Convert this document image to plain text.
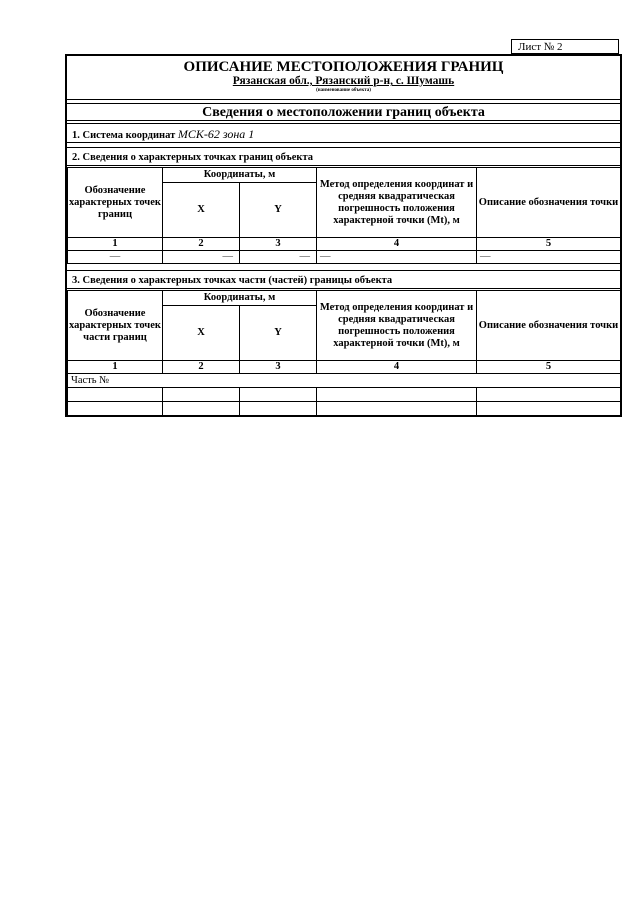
Лист № 2
ОПИСАНИЕ МЕСТОПОЛОЖЕНИЯ ГРАНИЦ
Рязанская обл., Рязанский р-н, с. Шумашь
(наименование объекта)
Сведения о местоположении границ объекта
1. Система координат МСК-62 зона 1
2. Сведения о характерных точках границ объекта
Обозначение характерных точек границ	Координаты, м		Метод определения координат и средняя квадратическая погрешность положения характерной точки (Mt), м	Описание обозначения точки
	X	Y		
1	2	3	4	5
—	—	—	—	—
3. Сведения о характерных точках части (частей) границы объекта
Обозначение характерных точек части границ	Координаты, м		Метод определения координат и средняя квадратическая погрешность положения характерной точки (Mt), м	Описание обозначения точки
	X	Y		
1	2	3	4	5
Часть №				
